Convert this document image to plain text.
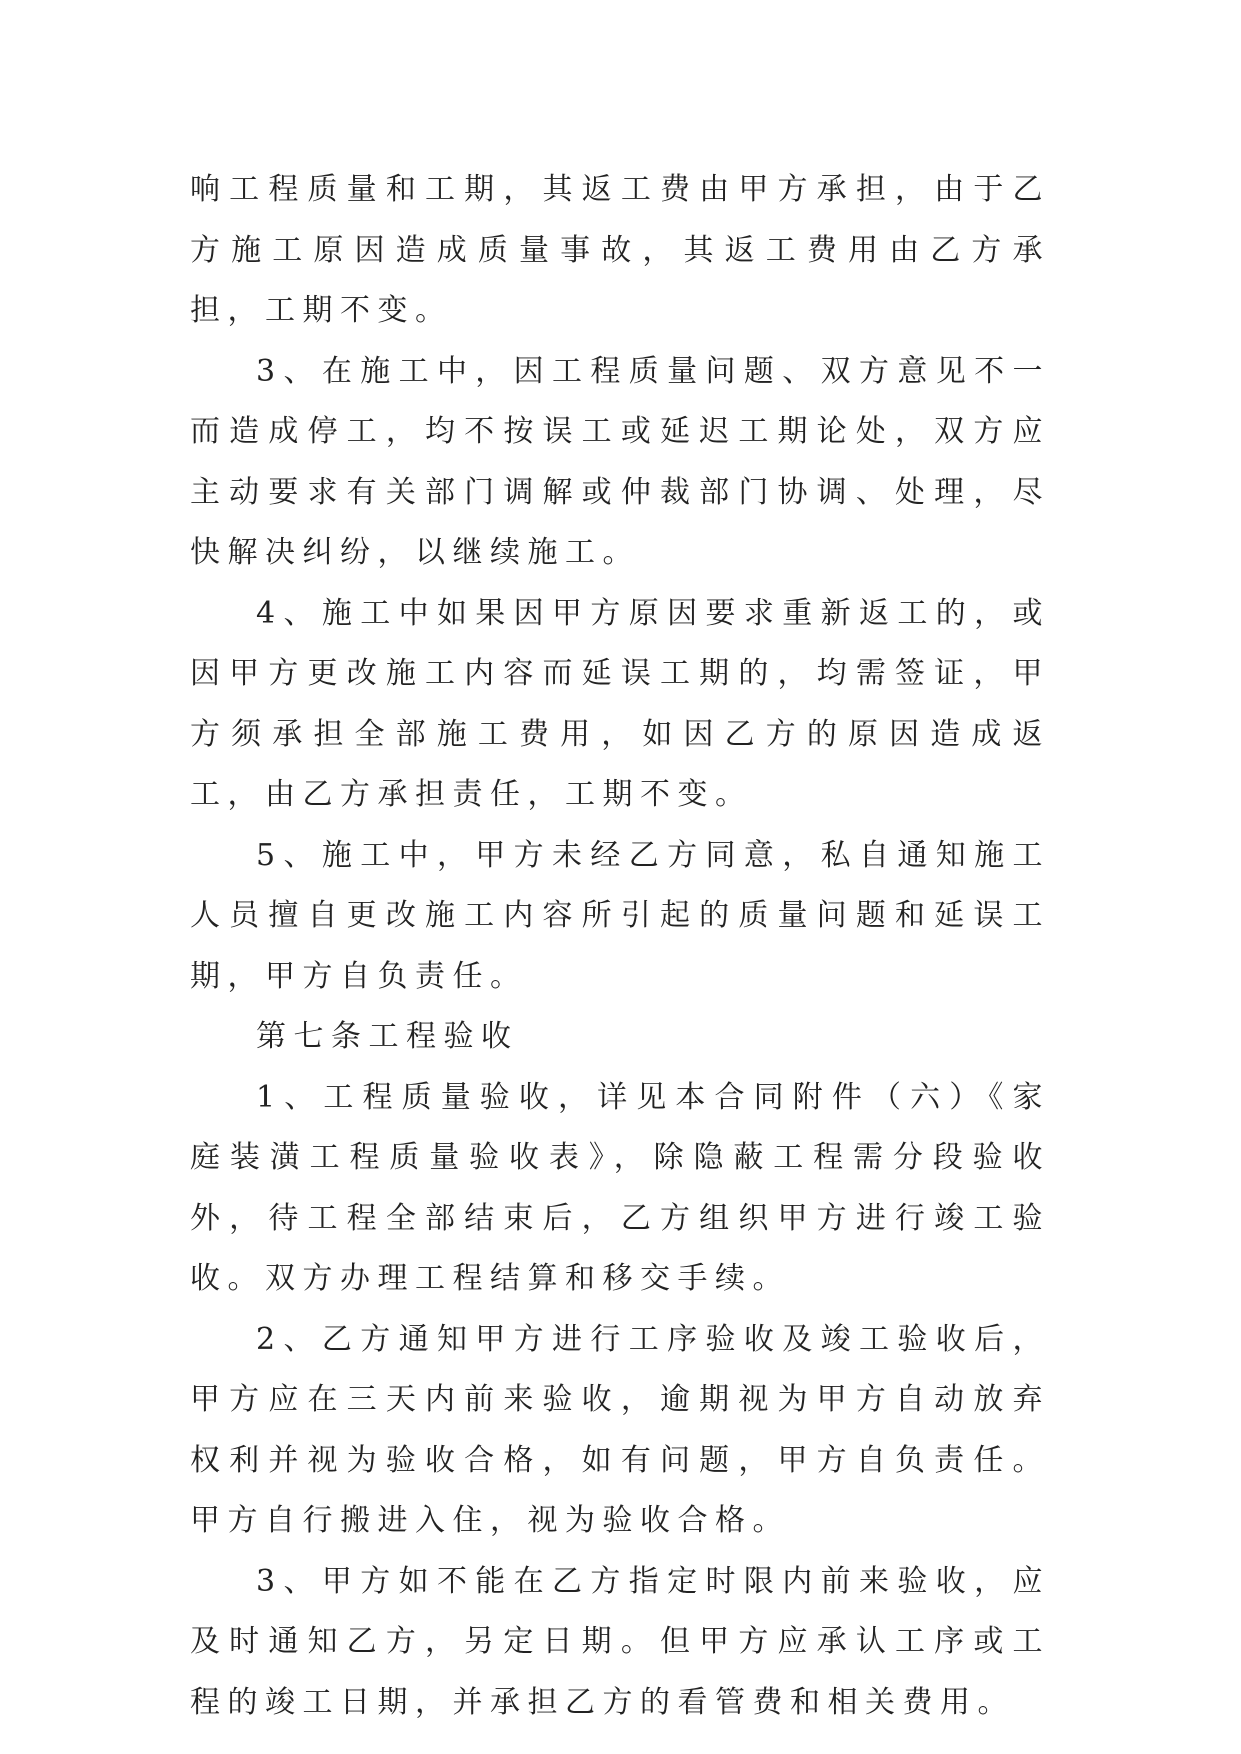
响工程质量和工期，其返工费由甲方承担，由于乙方施工原因造成质量事故，其返工费用由乙方承担，工期不变。

3、在施工中，因工程质量问题、双方意见不一而造成停工，均不按误工或延迟工期论处，双方应主动要求有关部门调解或仲裁部门协调、处理，尽快解决纠纷，以继续施工。

4、施工中如果因甲方原因要求重新返工的，或因甲方更改施工内容而延误工期的，均需签证，甲方须承担全部施工费用，如因乙方的原因造成返工，由乙方承担责任，工期不变。

5、施工中，甲方未经乙方同意，私自通知施工人员擅自更改施工内容所引起的质量问题和延误工期，甲方自负责任。

第七条工程验收

1、工程质量验收，详见本合同附件（六）《家庭装潢工程质量验收表》，除隐蔽工程需分段验收外，待工程全部结束后，乙方组织甲方进行竣工验收。双方办理工程结算和移交手续。

2、乙方通知甲方进行工序验收及竣工验收后，甲方应在三天内前来验收，逾期视为甲方自动放弃权利并视为验收合格，如有问题，甲方自负责任。甲方自行搬进入住，视为验收合格。

3、甲方如不能在乙方指定时限内前来验收，应及时通知乙方，另定日期。但甲方应承认工序或工程的竣工日期，并承担乙方的看管费和相关费用。
